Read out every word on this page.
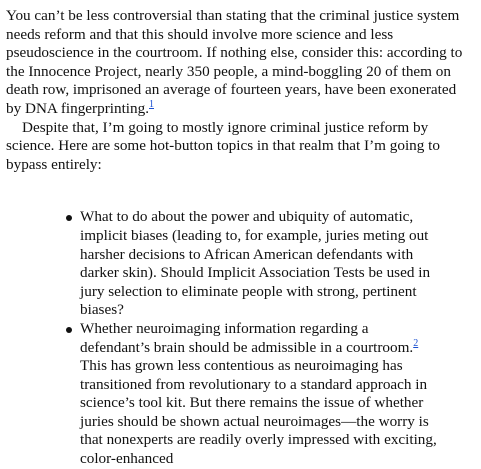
You can’t be less controversial than stating that the criminal justice system needs reform and that this should involve more science and less pseudoscience in the courtroom. If nothing else, consider this: according to the Innocence Project, nearly 350 people, a mind-boggling 20 of them on death row, imprisoned an average of fourteen years, have been exonerated by DNA fingerprinting.$^1$

Despite that, I’m going to mostly ignore criminal justice reform by science. Here are some hot-button topics in that realm that I’m going to bypass entirely:

What to do about the power and ubiquity of automatic, implicit biases (leading to, for example, juries meting out harsher decisions to African American defendants with darker skin). Should Implicit Association Tests be used in jury selection to eliminate people with strong, pertinent biases?
Whether neuroimaging information regarding a defendant’s brain should be admissible in a courtroom.$^2$ This has grown less contentious as neuroimaging has transitioned from revolutionary to a standard approach in science’s tool kit. But there remains the issue of whether juries should be shown actual neuroimages—the worry is that nonexperts are readily overly impressed with exciting, color-enhanced
